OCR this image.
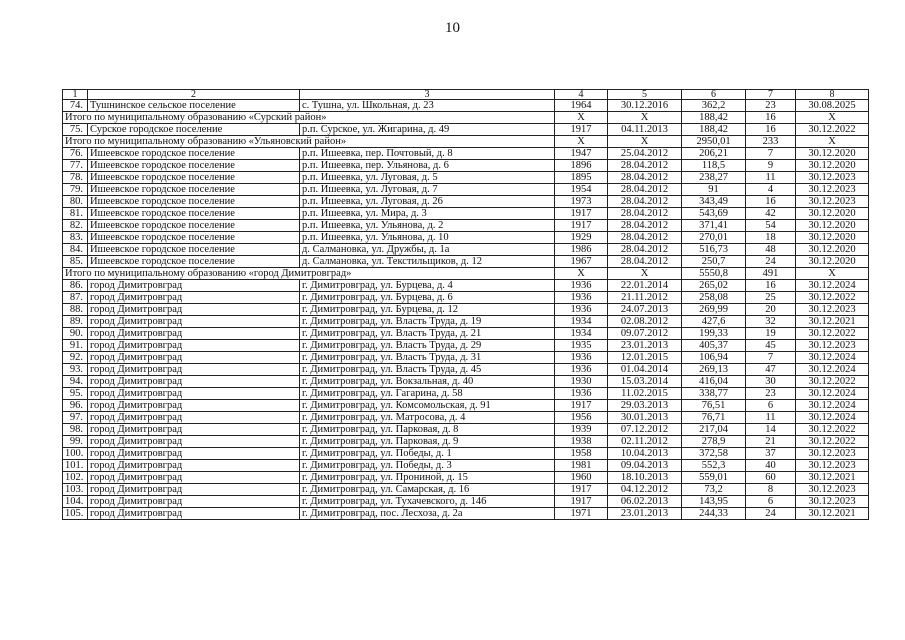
10
1	2	3	4	5	6	7	8
74.	Тушнинское сельское поселение	с. Тушна, ул. Школьная, д. 23	1964	30.12.2016	362,2	23	30.08.2025
Итого по муниципальному образованию «Сурский район»			X	X	188,42	16	X
75.	Сурское городское поселение	р.п. Сурское, ул. Жигарина, д. 49	1917	04.11.2013	188,42	16	30.12.2022
Итого по муниципальному образованию «Ульяновский район»			X	X	2950,01	233	X
76.	Ишеевское городское поселение	р.п. Ишеевка, пер. Почтовый, д. 8	1947	25.04.2012	206,21	7	30.12.2020
77.	Ишеевское городское поселение	р.п. Ишеевка, пер. Ульянова, д. 6	1896	28.04.2012	118,5	9	30.12.2020
78.	Ишеевское городское поселение	р.п. Ишеевка, ул. Луговая, д. 5	1895	28.04.2012	238,27	11	30.12.2023
79.	Ишеевское городское поселение	р.п. Ишеевка, ул. Луговая, д. 7	1954	28.04.2012	91	4	30.12.2023
80.	Ишеевское городское поселение	р.п. Ишеевка, ул. Луговая, д. 26	1973	28.04.2012	343,49	16	30.12.2023
81.	Ишеевское городское поселение	р.п. Ишеевка, ул. Мира, д. 3	1917	28.04.2012	543,69	42	30.12.2020
82.	Ишеевское городское поселение	р.п. Ишеевка, ул. Ульянова, д. 2	1917	28.04.2012	371,41	54	30.12.2020
83.	Ишеевское городское поселение	р.п. Ишеевка, ул. Ульянова, д. 10	1929	28.04.2012	270,01	18	30.12.2020
84.	Ишеевское городское поселение	д. Салмановка, ул. Дружбы, д. 1а	1986	28.04.2012	516,73	48	30.12.2020
85.	Ишеевское городское поселение	д. Салмановка, ул. Текстильщиков, д. 12	1967	28.04.2012	250,7	24	30.12.2020
Итого по муниципальному образованию «город Димитровград»			X	X	5550,8	491	X
86.	город Димитровград	г. Димитровград, ул. Бурцева, д. 4	1936	22.01.2014	265,02	16	30.12.2024
87.	город Димитровград	г. Димитровград, ул. Бурцева, д. 6	1936	21.11.2012	258,08	25	30.12.2022
88.	город Димитровград	г. Димитровград, ул. Бурцева, д. 12	1936	24.07.2013	269,99	20	30.12.2023
89.	город Димитровград	г. Димитровград, ул. Власть Труда, д. 19	1934	02.08.2012	427,6	32	30.12.2021
90.	город Димитровград	г. Димитровград, ул. Власть Труда, д. 21	1934	09.07.2012	199,33	19	30.12.2022
91.	город Димитровград	г. Димитровград, ул. Власть Труда, д. 29	1935	23.01.2013	405,37	45	30.12.2023
92.	город Димитровград	г. Димитровград, ул. Власть Труда, д. 31	1936	12.01.2015	106,94	7	30.12.2024
93.	город Димитровград	г. Димитровград, ул. Власть Труда, д. 45	1936	01.04.2014	269,13	47	30.12.2024
94.	город Димитровград	г. Димитровград, ул. Вокзальная, д. 40	1930	15.03.2014	416,04	30	30.12.2022
95.	город Димитровград	г. Димитровград, ул. Гагарина, д. 58	1936	11.02.2015	338,77	23	30.12.2024
96.	город Димитровград	г. Димитровград, ул. Комсомольская, д. 91	1917	29.03.2013	76,51	6	30.12.2024
97.	город Димитровград	г. Димитровград, ул. Матросова, д. 4	1956	30.01.2013	76,71	11	30.12.2024
98.	город Димитровград	г. Димитровград, ул. Парковая, д. 8	1939	07.12.2012	217,04	14	30.12.2022
99.	город Димитровград	г. Димитровград, ул. Парковая, д. 9	1938	02.11.2012	278,9	21	30.12.2022
100.	город Димитровград	г. Димитровград, ул. Победы, д. 1	1958	10.04.2013	372,58	37	30.12.2023
101.	город Димитровград	г. Димитровград, ул. Победы, д. 3	1981	09.04.2013	552,3	40	30.12.2023
102.	город Димитровград	г. Димитровград, ул. Прониной, д. 15	1960	18.10.2013	559,01	60	30.12.2021
103.	город Димитровград	г. Димитровград, ул. Самарская, д. 16	1917	04.12.2012	73,2	8	30.12.2023
104.	город Димитровград	г. Димитровград, ул. Тухачевского, д. 146	1917	06.02.2013	143,95	6	30.12.2023
105.	город Димитровград	г. Димитровград, пос. Лесхоза, д. 2а	1971	23.01.2013	244,33	24	30.12.2021
